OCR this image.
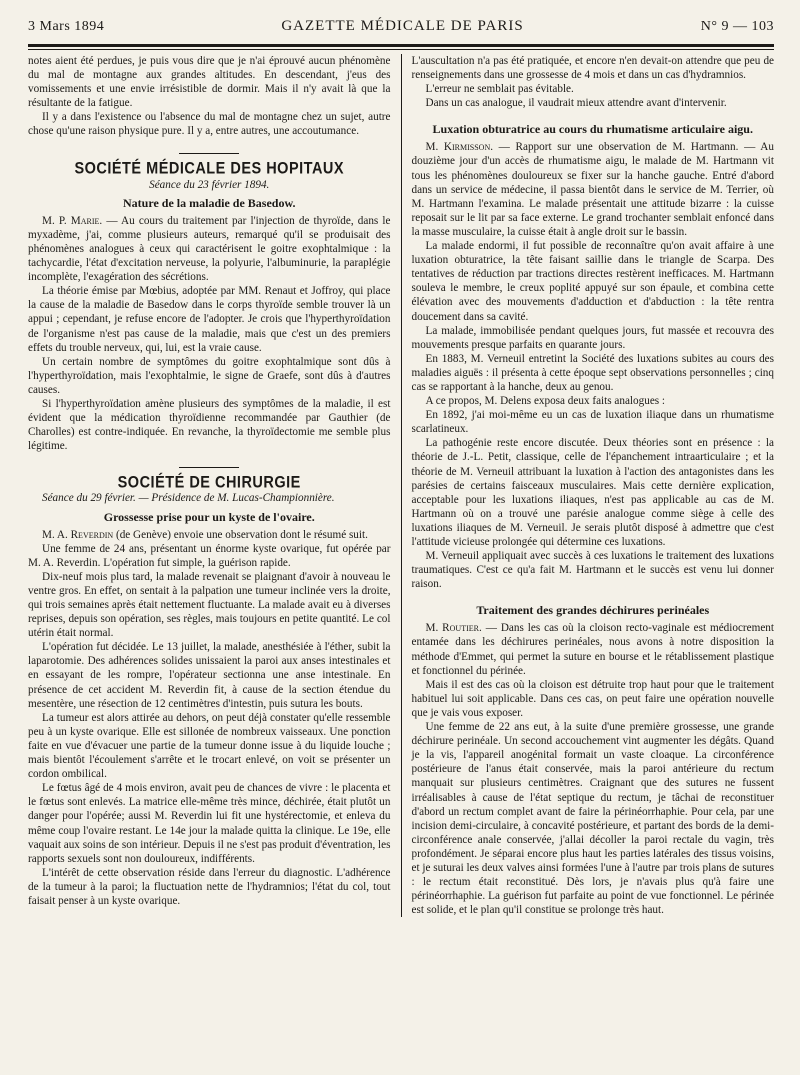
3 Mars 1894	GAZETTE MÉDICALE DE PARIS	N° 9 — 103

notes aient été perdues, je puis vous dire que je n'ai éprouvé aucun phénomène du mal de montagne aux grandes altitudes. En descendant, j'eus des vomissements et une envie irrésistible de dormir. Mais il n'y avait là que la résultante de la fatigue.

Il y a dans l'existence ou l'absence du mal de montagne chez un sujet, autre chose qu'une raison physique pure. Il y a, entre autres, une accoutumance.

SOCIÉTÉ MÉDICALE DES HOPITAUX
Séance du 23 février 1894.
Nature de la maladie de Basedow.

M. P. Marie. — Au cours du traitement par l'injection de thyroïde, dans le myxadème, j'ai, comme plusieurs auteurs, remarqué qu'il se produisait des phénomènes analogues à ceux qui caractérisent le goitre exophtalmique : la tachycardie, l'état d'excitation nerveuse, la polyurie, l'albuminurie, la paraplégie incomplète, l'exagération des sécrétions.

La théorie émise par Mœbius, adoptée par MM. Renaut et Joffroy, qui place la cause de la maladie de Basedow dans le corps thyroïde semble trouver là un appui ; cependant, je refuse encore de l'adopter. Je crois que l'hyperthyroïdation de l'organisme n'est pas cause de la maladie, mais que c'est un des premiers effets du trouble nerveux, qui, lui, est la vraie cause.

Un certain nombre de symptômes du goitre exophtalmique sont dûs à l'hyperthyroïdation, mais l'exophtalmie, le signe de Graefe, sont dûs à d'autres causes.

Si l'hyperthyroïdation amène plusieurs des symptômes de la maladie, il est évident que la médication thyroïdienne recommandée par Gauthier (de Charolles) est contre-indiquée. En revanche, la thyroïdectomie me semble plus légitime.

SOCIÉTÉ DE CHIRURGIE

Séance du 29 février. — Présidence de M. Lucas-Championnière.

Grossesse prise pour un kyste de l'ovaire.

M. A. Reverdin (de Genève) envoie une observation dont le résumé suit.

Une femme de 24 ans, présentant un énorme kyste ovarique, fut opérée par M. A. Reverdin. L'opération fut simple, la guérison rapide.

Dix-neuf mois plus tard, la malade revenait se plaignant d'avoir à nouveau le ventre gros. En effet, on sentait à la palpation une tumeur inclinée vers la droite, qui trois semaines après était nettement fluctuante. La malade avait eu à diverses reprises, depuis son opération, ses règles, mais toujours en petite quantité. Le col utérin était normal.

L'opération fut décidée. Le 13 juillet, la malade, anesthésiée à l'éther, subit la laparotomie. Des adhérences solides unissaient la paroi aux anses intestinales et en essayant de les rompre, l'opérateur sectionna une anse intestinale. En présence de cet accident M. Reverdin fit, à cause de la section étendue du mesentère, une résection de 12 centimètres d'intestin, puis sutura les bouts.

La tumeur est alors attirée au dehors, on peut déjà constater qu'elle ressemble peu à un kyste ovarique. Elle est sillonée de nombreux vaisseaux. Une ponction faite en vue d'évacuer une partie de la tumeur donne issue à du liquide louche ; mais bientôt l'écoulement s'arrête et le trocart enlevé, on voit se présenter un cordon ombilical.

Le fœtus âgé de 4 mois environ, avait peu de chances de vivre : le placenta et le fœtus sont enlevés. La matrice elle-même très mince, déchirée, était plutôt un danger pour l'opérée; aussi M. Reverdin lui fit une hystérectomie, et enleva du même coup l'ovaire restant. Le 14e jour la malade quitta la clinique. Le 19e, elle vaquait aux soins de son intérieur. Depuis il ne s'est pas produit d'éventration, les rapports sexuels sont non douloureux, indifférents.

L'intérêt de cette observation réside dans l'erreur du diagnostic. L'adhérence de la tumeur à la paroi; la fluctuation nette de l'hydramnios; l'état du col, tout faisait penser à un kyste ovarique.

L'auscultation n'a pas été pratiquée, et encore n'en devait-on attendre que peu de renseignements dans une grossesse de 4 mois et dans un cas d'hydramnios.

L'erreur ne semblait pas évitable.

Dans un cas analogue, il vaudrait mieux attendre avant d'intervenir.

Luxation obturatrice au cours du rhumatisme articulaire aigu.

M. Kirmisson. — Rapport sur une observation de M. Hartmann. — Au douzième jour d'un accès de rhumatisme aigu, le malade de M. Hartmann vit tous les phénomènes douloureux se fixer sur la hanche gauche. Entré d'abord dans un service de médecine, il passa bientôt dans le service de M. Terrier, où M. Hartmann l'examina. Le malade présentait une attitude bizarre : la cuisse reposait sur le lit par sa face externe. Le grand trochanter semblait enfoncé dans la masse musculaire, la cuisse était à angle droit sur le bassin.

La malade endormi, il fut possible de reconnaître qu'on avait affaire à une luxation obturatrice, la tête faisant saillie dans le triangle de Scarpa. Des tentatives de réduction par tractions directes restèrent inefficaces. M. Hartmann souleva le membre, le creux poplité appuyé sur son épaule, et combina cette élévation avec des mouvements d'adduction et d'abduction : la tête rentra doucement dans sa cavité.

La malade, immobilisée pendant quelques jours, fut massée et recouvra des mouvements presque parfaits en quarante jours.

En 1883, M. Verneuil entretint la Société des luxations subites au cours des maladies aiguës : il présenta à cette époque sept observations personnelles ; cinq cas se rapportant à la hanche, deux au genou.

A ce propos, M. Delens exposa deux faits analogues :

En 1892, j'ai moi-même eu un cas de luxation iliaque dans un rhumatisme scarlatineux.

La pathogénie reste encore discutée. Deux théories sont en présence : la théorie de J.-L. Petit, classique, celle de l'épanchement intraarticulaire ; et la théorie de M. Verneuil attribuant la luxation à l'action des antagonistes dans les parésies de certains faisceaux musculaires. Mais cette dernière explication, acceptable pour les luxations iliaques, n'est pas applicable au cas de M. Hartmann où on a trouvé une parésie analogue comme siège à celle des luxations iliaques de M. Verneuil. Je serais plutôt disposé à admettre que c'est l'attitude vicieuse prolongée qui détermine ces luxations.

M. Verneuil appliquait avec succès à ces luxations le traitement des luxations traumatiques. C'est ce qu'a fait M. Hartmann et le succès est venu lui donner raison.

Traitement des grandes déchirures perinéales

M. Routier. — Dans les cas où la cloison recto-vaginale est médiocrement entamée dans les déchirures perinéales, nous avons à notre disposition la méthode d'Emmet, qui permet la suture en bourse et le rétablissement plastique et fonctionnel du périnée.

Mais il est des cas où la cloison est détruite trop haut pour que le traitement habituel lui soit applicable. Dans ces cas, on peut faire une opération nouvelle que je vais vous exposer.

Une femme de 22 ans eut, à la suite d'une première grossesse, une grande déchirure perinéale. Un second accouchement vint augmenter les dégâts. Quand je la vis, l'appareil anogénital formait un vaste cloaque. La circonférence postérieure de l'anus était conservée, mais la paroi antérieure du rectum manquait sur plusieurs centimètres. Craignant que des sutures ne fussent irréalisables à cause de l'état septique du rectum, je tâchai de reconstituer d'abord un rectum complet avant de faire la périnéorrhaphie. Pour cela, par une incision demi-circulaire, à concavité postérieure, et partant des bords de la demi-circonférence anale conservée, j'allai décoller la paroi rectale du vagin, très profondément. Je séparai encore plus haut les parties latérales des tissus voisins, et je suturai les deux valves ainsi formées l'une à l'autre par trois plans de sutures : le rectum était reconstitué. Dès lors, je n'avais plus qu'à faire une périnéorrhaphie. La guérison fut parfaite au point de vue fonctionnel. Le périnée est solide, et le plan qu'il constitue se prolonge très haut.
